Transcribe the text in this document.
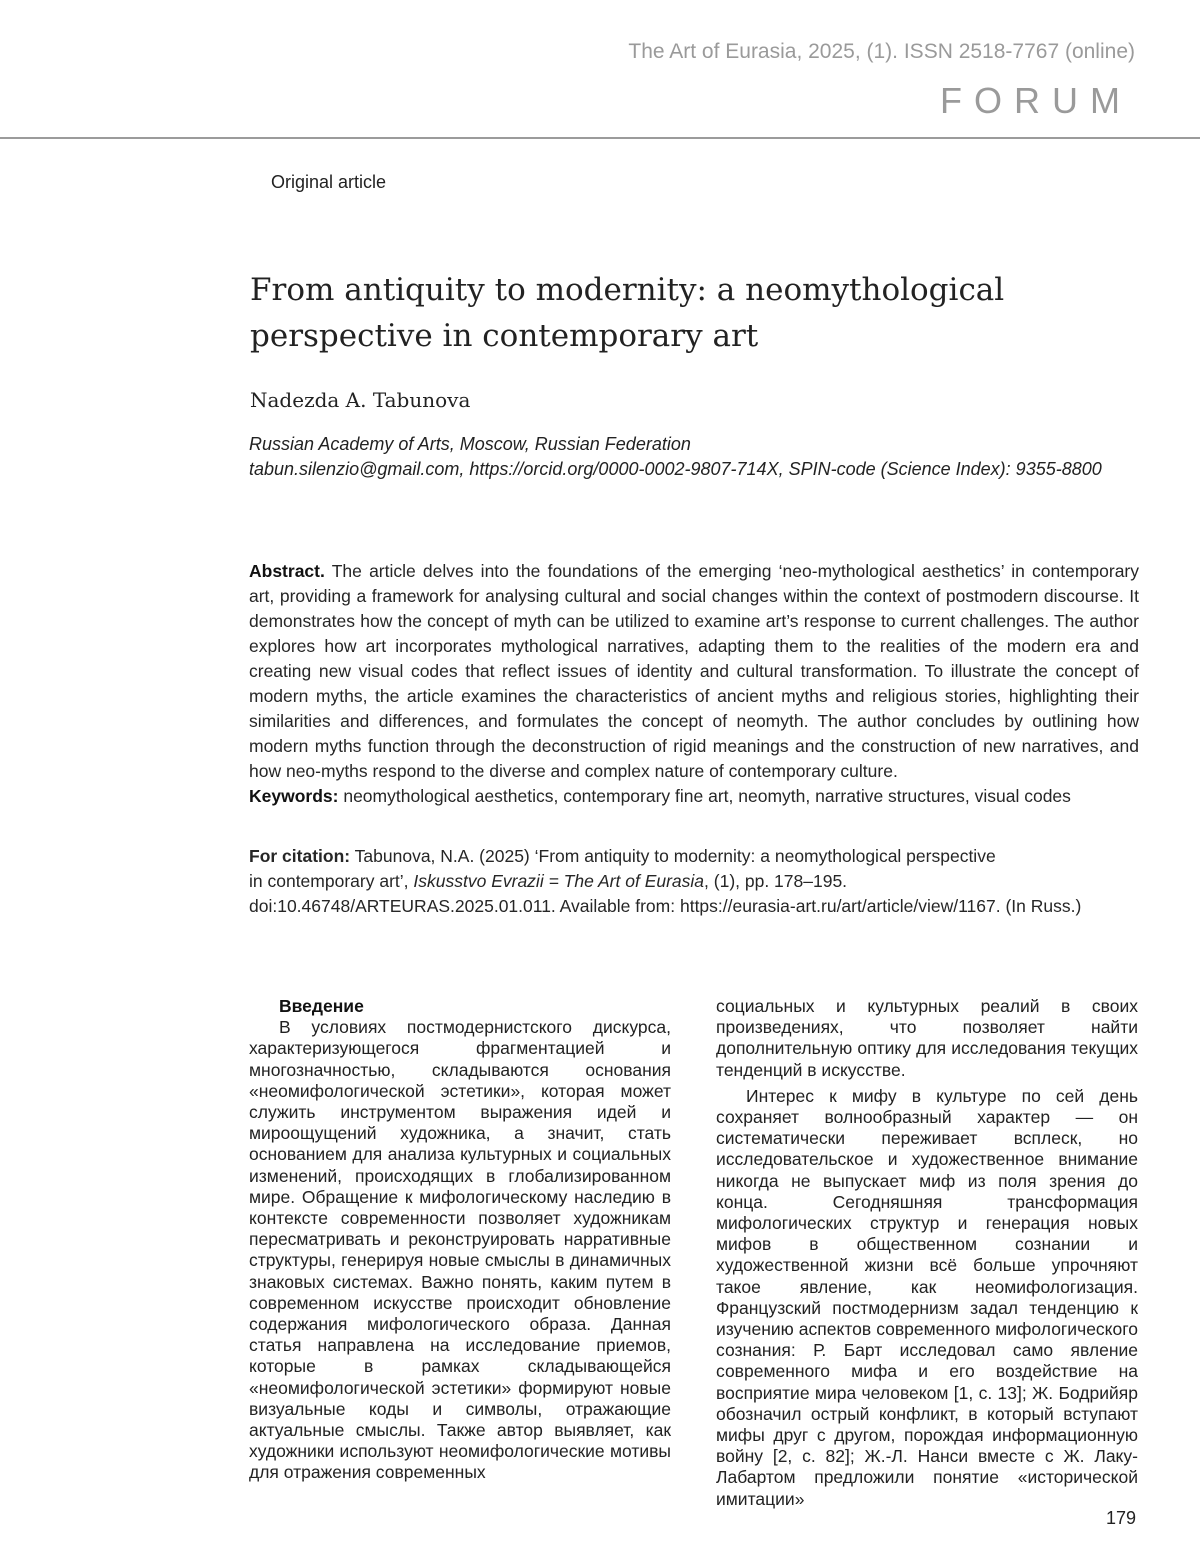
The Art of Eurasia, 2025, (1). ISSN 2518-7767 (online)
FORUM
Original article
From antiquity to modernity: a neomythological
perspective in contemporary art
Nadezda A. Tabunova
Russian Academy of Arts, Moscow, Russian Federation
tabun.silenzio@gmail.com, https://orcid.org/0000-0002-9807-714X, SPIN-code (Science Index): 9355-8800
Abstract. The article delves into the foundations of the emerging ‘neo-mythological aesthetics’ in contemporary art, providing a framework for analysing cultural and social changes within the context of postmodern discourse. It demonstrates how the concept of myth can be utilized to examine art’s response to current challenges. The author explores how art incorporates mythological narratives, adapting them to the realities of the modern era and creating new visual codes that reflect issues of identity and cultural transformation. To illustrate the concept of modern myths, the article examines the characteristics of ancient myths and religious stories, highlighting their similarities and differences, and formulates the concept of neomyth. The author concludes by outlining how modern myths function through the deconstruction of rigid meanings and the construction of new narratives, and how neo-myths respond to the diverse and complex nature of contemporary culture.
Keywords: neomythological aesthetics, contemporary fine art, neomyth, narrative structures, visual codes
For citation: Tabunova, N.A. (2025) ‘From antiquity to modernity: a neomythological perspective
in contemporary art’, Iskusstvo Evrazii = The Art of Eurasia, (1), pp. 178–195.
doi:10.46748/ARTEURAS.2025.01.011. Available from: https://eurasia-art.ru/art/article/view/1167. (In Russ.)
Введение

В условиях постмодернистского дискурса, характеризующегося фрагментацией и многозначностью, складываются основания «неомифологической эстетики», которая может служить инструментом выражения идей и мироощущений художника, а значит, стать основанием для анализа культурных и социальных изменений, происходящих в глобализированном мире. Обращение к мифологическому наследию в контексте современности позволяет художникам пересматривать и реконструировать нарративные структуры, генерируя новые смыслы в динамичных знаковых системах. Важно понять, каким путем в современном искусстве происходит обновление содержания мифологического образа. Данная статья направлена на исследование приемов, которые в рамках складывающейся «неомифологической эстетики» формируют новые визуальные коды и символы, отражающие актуальные смыслы. Также автор выявляет, как художники используют неомифологические мотивы для отражения современных

социальных и культурных реалий в своих произведениях, что позволяет найти дополнительную оптику для исследования текущих тенденций в искусстве.

Интерес к мифу в культуре по сей день сохраняет волнообразный характер — он систематически переживает всплеск, но исследовательское и художественное внимание никогда не выпускает миф из поля зрения до конца. Сегодняшняя трансформация мифологических структур и генерация новых мифов в общественном сознании и художественной жизни всё больше упрочняют такое явление, как неомифологизация. Французский постмодернизм задал тенденцию к изучению аспектов современного мифологического сознания: Р. Барт исследовал само явление современного мифа и его воздействие на восприятие мира человеком [1, с. 13]; Ж. Бодрийяр обозначил острый конфликт, в который вступают мифы друг с другом, порождая информационную войну [2, с. 82]; Ж.-Л. Нанси вместе с Ж. Лаку-Лабартом предложили понятие «исторической имитации»

179
